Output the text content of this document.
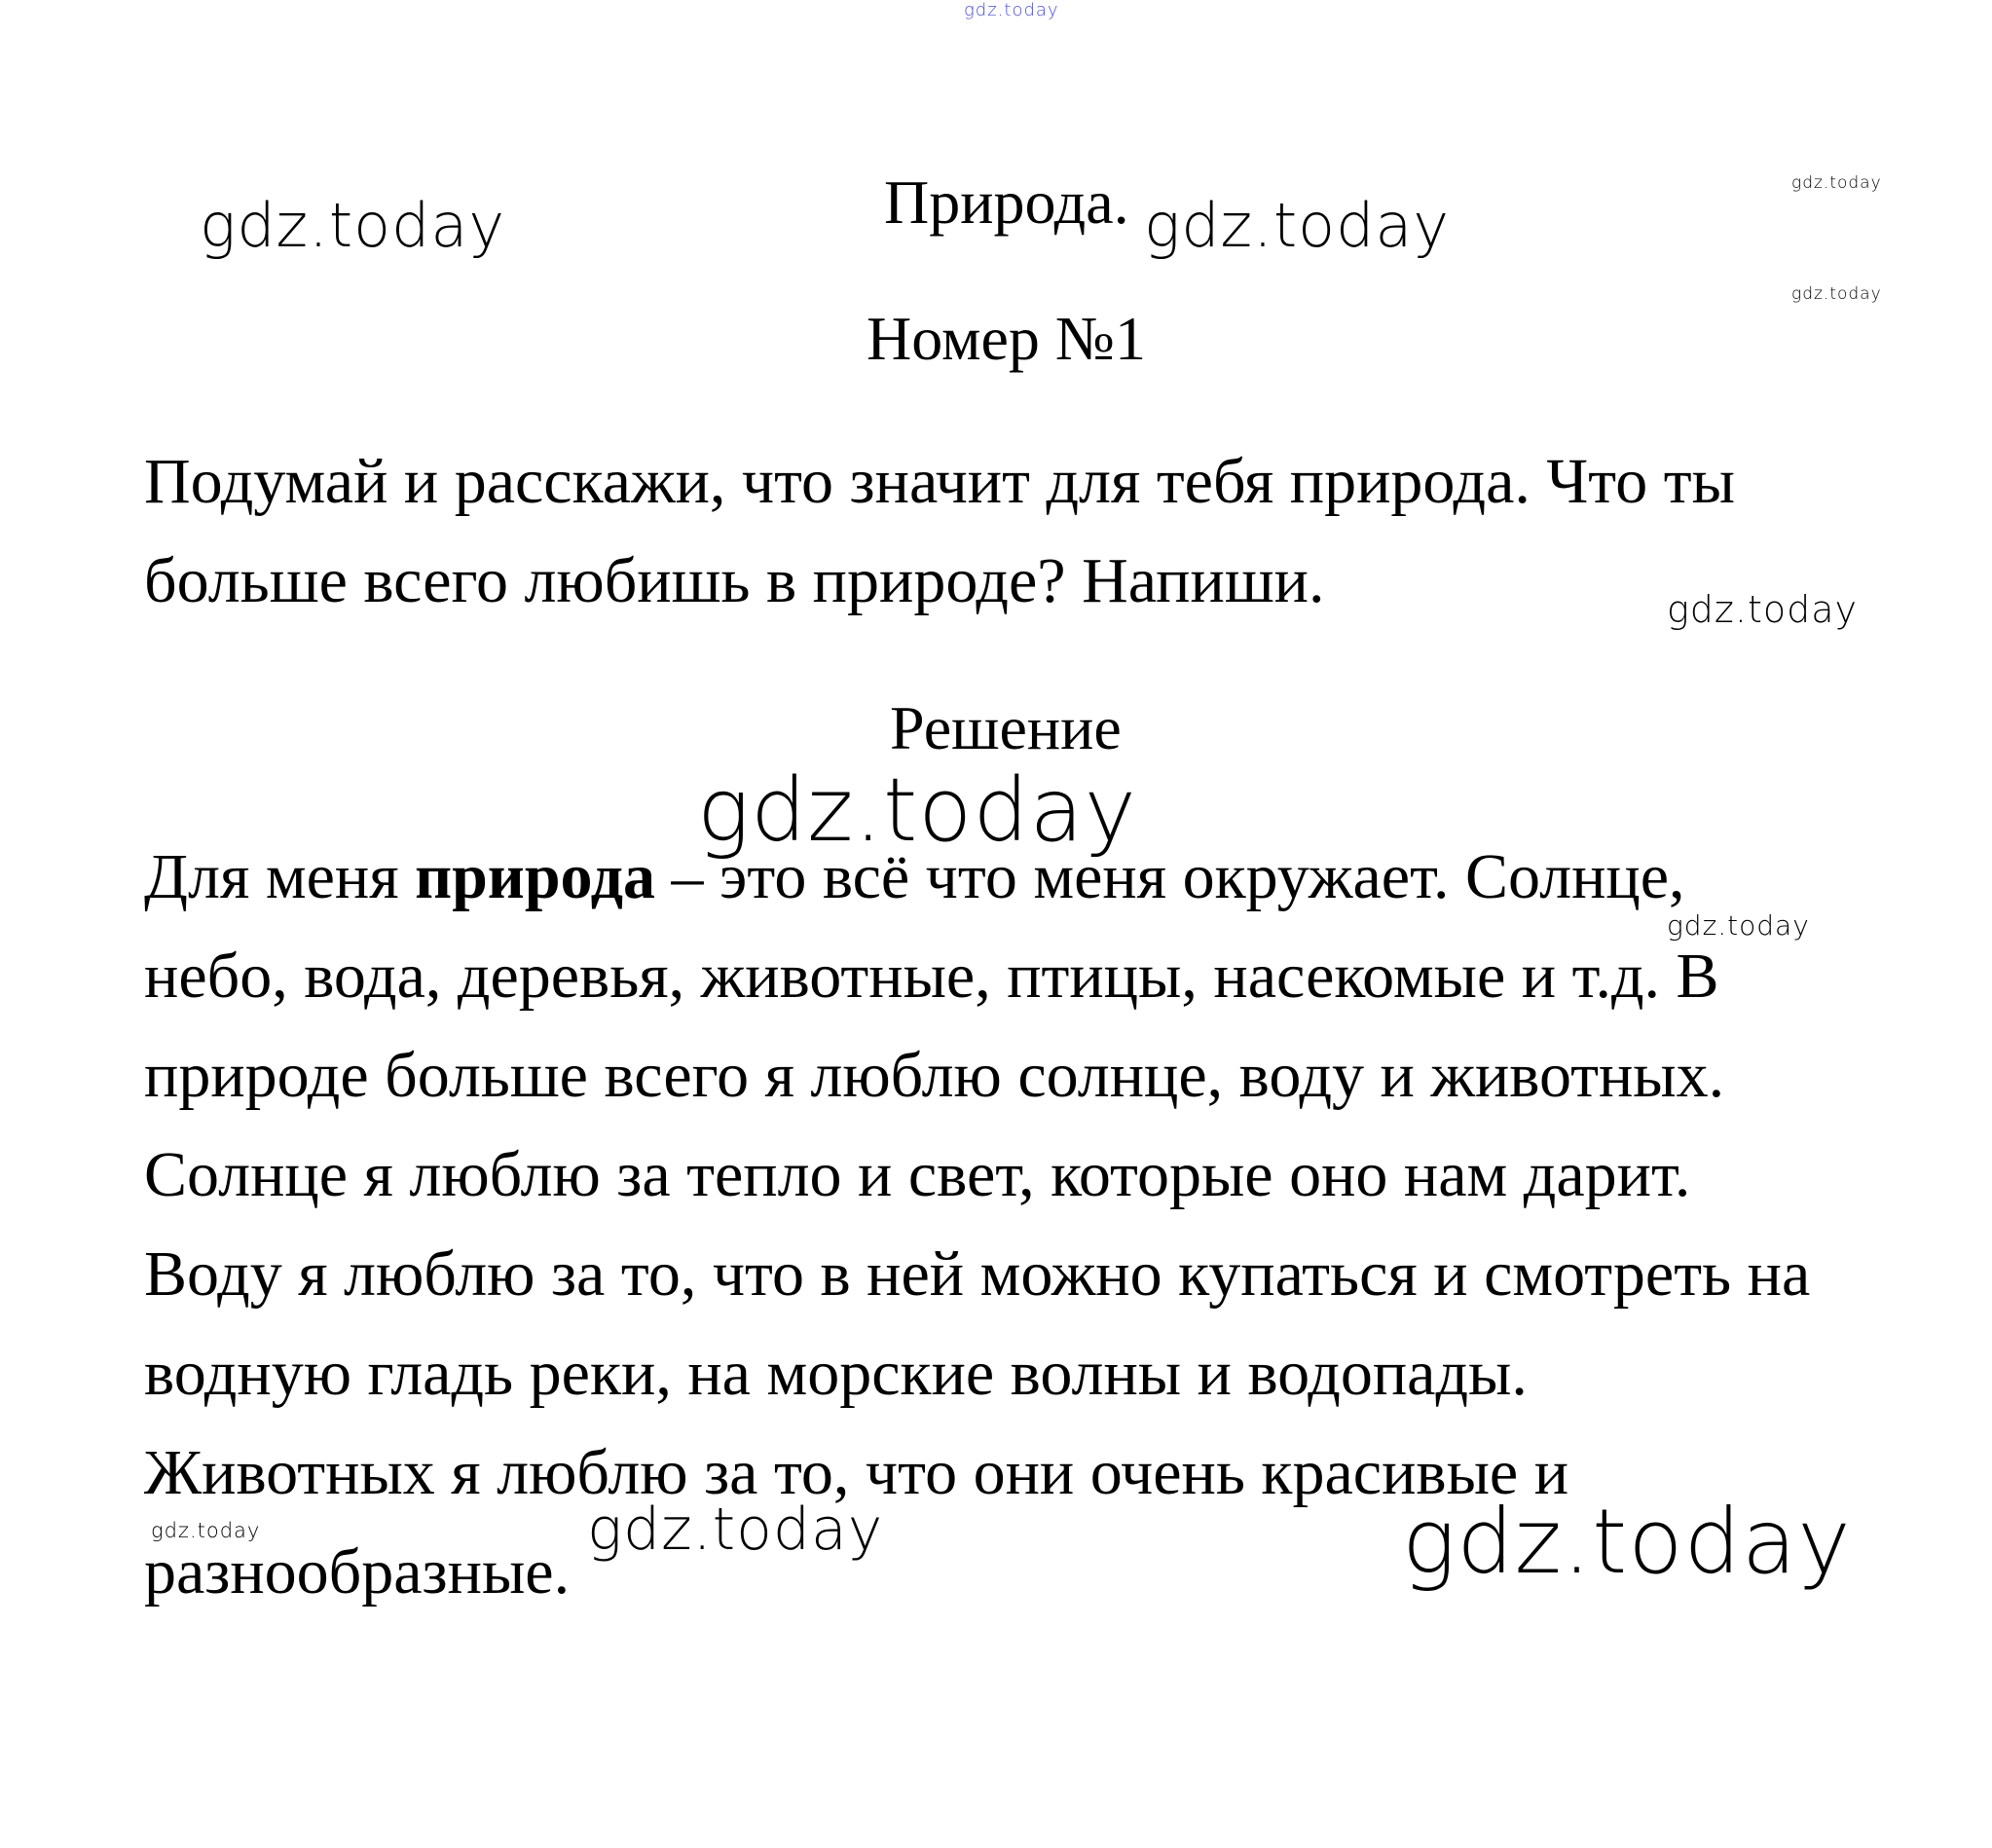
gdz.today
gdz.today	gdz.today
gdz.today
gdz.today
gdz.today
gdz.today
gdz.today
gdz.today	gdz.today	gdz.today
Природа.
Номер №1
Подумай и расскажи, что значит для тебя природа. Что ты
больше всего любишь в природе? Напиши.
Решение
Для меня природа – это всё что меня окружает. Солнце,
небо, вода, деревья, животные, птицы, насекомые и т.д. В
природе больше всего я люблю солнце, воду и животных.
Солнце я люблю за тепло и свет, которые оно нам дарит.
Воду я люблю за то, что в ней можно купаться и смотреть на
водную гладь реки, на морские волны и водопады.
Животных я люблю за то, что они очень красивые и
разнообразные.
